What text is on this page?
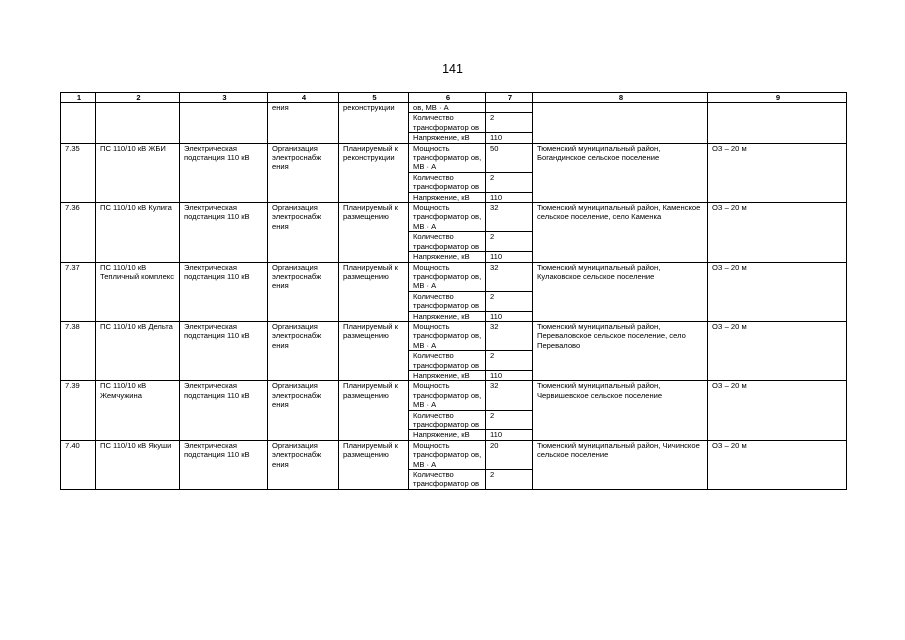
141
1	2	3	4	5	6	7	8	9
			ения	реконструкции	ов, МВ · А			
					Количество трансформатор ов	2		
					Напряжение, кВ	110		
7.35	ПС 110/10 кВ ЖБИ	Электрическая подстанция 110 кВ	Организация электроснабж ения	Планируемый к реконструкции	Мощность трансформатор ов, МВ · А	50	Тюменский муниципальный район, Богандинское сельское поселение	ОЗ – 20 м
					Количество трансформатор ов	2		
					Напряжение, кВ	110		
7.36	ПС 110/10 кВ Кулига	Электрическая подстанция 110 кВ	Организация электроснабж ения	Планируемый к размещению	Мощность трансформатор ов, МВ · А	32	Тюменский муниципальный район, Каменское сельское поселение, село Каменка	ОЗ – 20 м
					Количество трансформатор ов	2		
					Напряжение, кВ	110		
7.37	ПС 110/10 кВ Тепличный комплекс	Электрическая подстанция 110 кВ	Организация электроснабж ения	Планируемый к размещению	Мощность трансформатор ов, МВ · А	32	Тюменский муниципальный район, Кулаковское сельское поселение	ОЗ – 20 м
					Количество трансформатор ов	2		
					Напряжение, кВ	110		
7.38	ПС 110/10 кВ Дельта	Электрическая подстанция 110 кВ	Организация электроснабж ения	Планируемый к размещению	Мощность трансформатор ов, МВ · А	32	Тюменский муниципальный район, Переваловское сельское поселение, село Перевалово	ОЗ – 20 м
					Количество трансформатор ов	2		
					Напряжение, кВ	110		
7.39	ПС 110/10 кВ Жемчужина	Электрическая подстанция 110 кВ	Организация электроснабж ения	Планируемый к размещению	Мощность трансформатор ов, МВ · А	32	Тюменский муниципальный район, Червишевское сельское поселение	ОЗ – 20 м
					Количество трансформатор ов	2		
					Напряжение, кВ	110		
7.40	ПС 110/10 кВ Якуши	Электрическая подстанция 110 кВ	Организация электроснабж ения	Планируемый к размещению	Мощность трансформатор ов, МВ · А	20	Тюменский муниципальный район, Чичинское сельское поселение	ОЗ – 20 м
					Количество трансформатор ов	2		
